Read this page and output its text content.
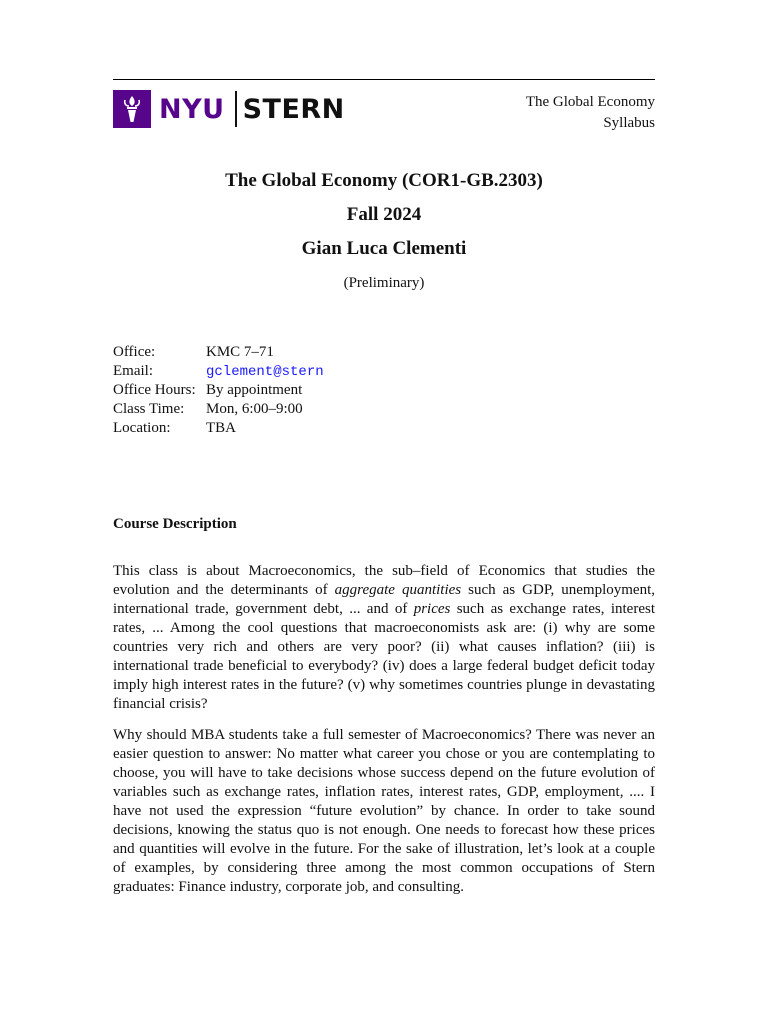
NYU STERN	The Global Economy
Syllabus
The Global Economy (COR1-GB.2303)
Fall 2024
Gian Luca Clementi
(Preliminary)
Office:	KMC 7–71
Email:	gclement@stern
Office Hours:	By appointment
Class Time:	Mon, 6:00–9:00
Location:	TBA
Course Description

This class is about Macroeconomics, the sub–field of Economics that studies the evolution and the determinants of aggregate quantities such as GDP, unemployment, international trade, government debt, ... and of prices such as exchange rates, interest rates, ... Among the cool questions that macroeconomists ask are: (i) why are some countries very rich and others are very poor? (ii) what causes inflation? (iii) is international trade beneficial to everybody? (iv) does a large federal budget deficit today imply high interest rates in the future? (v) why sometimes countries plunge in devastating financial crisis?

Why should MBA students take a full semester of Macroeconomics? There was never an easier question to answer: No matter what career you chose or you are contemplating to choose, you will have to take decisions whose success depend on the future evolution of variables such as exchange rates, inflation rates, interest rates, GDP, employment, .... I have not used the expression “future evolution” by chance. In order to take sound decisions, knowing the status quo is not enough. One needs to forecast how these prices and quantities will evolve in the future. For the sake of illustration, let’s look at a couple of examples, by considering three among the most common occupations of Stern graduates: Finance industry, corporate job, and consulting.
